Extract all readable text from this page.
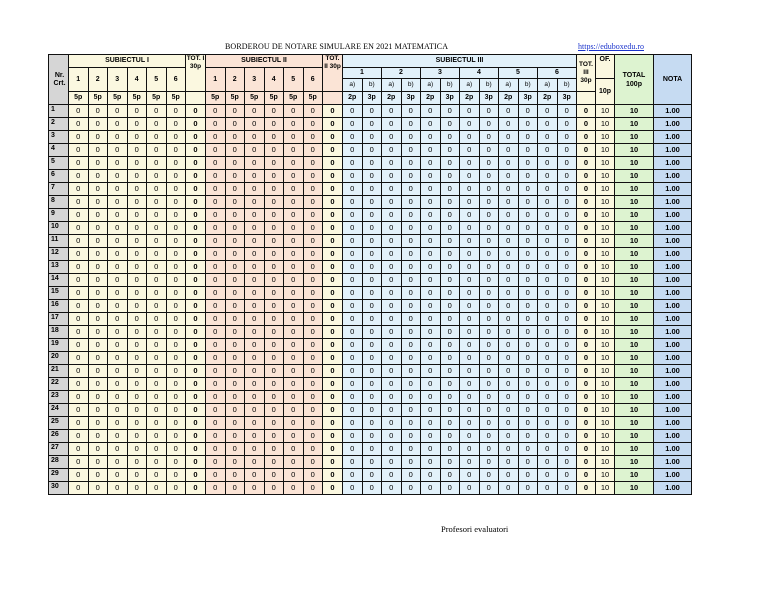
BORDEROU DE NOTARE SIMULARE EN 2021 MATEMATICA	https://eduboxedu.ro
Nr. Crt.	SUBIECTUL I						TOT. I 30p	SUBIECTUL II						TOT. II 30p	SUBIECTUL III												TOT. III 30p	OF.	TOTAL 100p	NOTA
	1	2	3	4	5	6		1	2	3	4	5	6		1		2		3		4		5		6					
															a)	b)	a)	b)	a)	b)	a)	b)	a)	b)	a)	b)		10p		
	5p	5p	5p	5p	5p	5p		5p	5p	5p	5p	5p	5p		2p	3p	2p	3p	2p	3p	2p	3p	2p	3p	2p	3p				
1	0	0	0	0	0	0	0	0	0	0	0	0	0	0	0	0	0	0	0	0	0	0	0	0	0	0	0	10	10	1.00
2	0	0	0	0	0	0	0	0	0	0	0	0	0	0	0	0	0	0	0	0	0	0	0	0	0	0	0	10	10	1.00
3	0	0	0	0	0	0	0	0	0	0	0	0	0	0	0	0	0	0	0	0	0	0	0	0	0	0	0	10	10	1.00
4	0	0	0	0	0	0	0	0	0	0	0	0	0	0	0	0	0	0	0	0	0	0	0	0	0	0	0	10	10	1.00
5	0	0	0	0	0	0	0	0	0	0	0	0	0	0	0	0	0	0	0	0	0	0	0	0	0	0	0	10	10	1.00
6	0	0	0	0	0	0	0	0	0	0	0	0	0	0	0	0	0	0	0	0	0	0	0	0	0	0	0	10	10	1.00
7	0	0	0	0	0	0	0	0	0	0	0	0	0	0	0	0	0	0	0	0	0	0	0	0	0	0	0	10	10	1.00
8	0	0	0	0	0	0	0	0	0	0	0	0	0	0	0	0	0	0	0	0	0	0	0	0	0	0	0	10	10	1.00
9	0	0	0	0	0	0	0	0	0	0	0	0	0	0	0	0	0	0	0	0	0	0	0	0	0	0	0	10	10	1.00
10	0	0	0	0	0	0	0	0	0	0	0	0	0	0	0	0	0	0	0	0	0	0	0	0	0	0	0	10	10	1.00
11	0	0	0	0	0	0	0	0	0	0	0	0	0	0	0	0	0	0	0	0	0	0	0	0	0	0	0	10	10	1.00
12	0	0	0	0	0	0	0	0	0	0	0	0	0	0	0	0	0	0	0	0	0	0	0	0	0	0	0	10	10	1.00
13	0	0	0	0	0	0	0	0	0	0	0	0	0	0	0	0	0	0	0	0	0	0	0	0	0	0	0	10	10	1.00
14	0	0	0	0	0	0	0	0	0	0	0	0	0	0	0	0	0	0	0	0	0	0	0	0	0	0	0	10	10	1.00
15	0	0	0	0	0	0	0	0	0	0	0	0	0	0	0	0	0	0	0	0	0	0	0	0	0	0	0	10	10	1.00
16	0	0	0	0	0	0	0	0	0	0	0	0	0	0	0	0	0	0	0	0	0	0	0	0	0	0	0	10	10	1.00
17	0	0	0	0	0	0	0	0	0	0	0	0	0	0	0	0	0	0	0	0	0	0	0	0	0	0	0	10	10	1.00
18	0	0	0	0	0	0	0	0	0	0	0	0	0	0	0	0	0	0	0	0	0	0	0	0	0	0	0	10	10	1.00
19	0	0	0	0	0	0	0	0	0	0	0	0	0	0	0	0	0	0	0	0	0	0	0	0	0	0	0	10	10	1.00
20	0	0	0	0	0	0	0	0	0	0	0	0	0	0	0	0	0	0	0	0	0	0	0	0	0	0	0	10	10	1.00
21	0	0	0	0	0	0	0	0	0	0	0	0	0	0	0	0	0	0	0	0	0	0	0	0	0	0	0	10	10	1.00
22	0	0	0	0	0	0	0	0	0	0	0	0	0	0	0	0	0	0	0	0	0	0	0	0	0	0	0	10	10	1.00
23	0	0	0	0	0	0	0	0	0	0	0	0	0	0	0	0	0	0	0	0	0	0	0	0	0	0	0	10	10	1.00
24	0	0	0	0	0	0	0	0	0	0	0	0	0	0	0	0	0	0	0	0	0	0	0	0	0	0	0	10	10	1.00
25	0	0	0	0	0	0	0	0	0	0	0	0	0	0	0	0	0	0	0	0	0	0	0	0	0	0	0	10	10	1.00
26	0	0	0	0	0	0	0	0	0	0	0	0	0	0	0	0	0	0	0	0	0	0	0	0	0	0	0	10	10	1.00
27	0	0	0	0	0	0	0	0	0	0	0	0	0	0	0	0	0	0	0	0	0	0	0	0	0	0	0	10	10	1.00
28	0	0	0	0	0	0	0	0	0	0	0	0	0	0	0	0	0	0	0	0	0	0	0	0	0	0	0	10	10	1.00
29	0	0	0	0	0	0	0	0	0	0	0	0	0	0	0	0	0	0	0	0	0	0	0	0	0	0	0	10	10	1.00
30	0	0	0	0	0	0	0	0	0	0	0	0	0	0	0	0	0	0	0	0	0	0	0	0	0	0	0	10	10	1.00
Profesori evaluatori
